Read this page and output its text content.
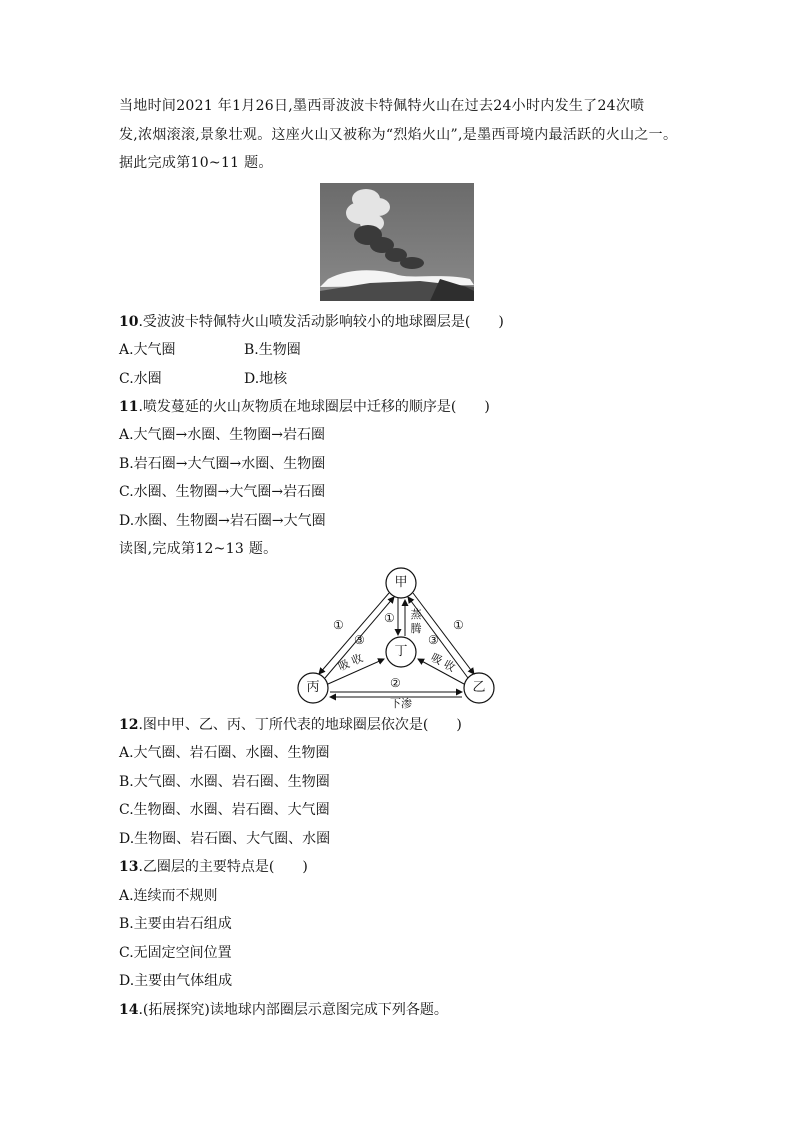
当地时间2021 年1月26日,墨西哥波波卡特佩特火山在过去24小时内发生了24次喷
发,浓烟滚滚,景象壮观。这座火山又被称为“烈焰火山”,是墨西哥境内最活跃的火山之一。
据此完成第10~11 题。
10.受波波卡特佩特火山喷发活动影响较小的地球圈层是(　　)
A.大气圈	B.生物圈
C.水圈	D.地核
11.喷发蔓延的火山灰物质在地球圈层中迁移的顺序是(　　)
A.大气圈→水圈、生物圈→岩石圈
B.岩石圈→大气圈→水圈、生物圈
C.水圈、生物圈→大气圈→岩石圈
D.水圈、生物圈→岩石圈→大气圈
读图,完成第12~13 题。
甲
丙	乙
丁
①	①
①
③	③
②
蒸
腾
吸 收	吸 收
下渗
12.图中甲、乙、丙、丁所代表的地球圈层依次是(　　)
A.大气圈、岩石圈、水圈、生物圈
B.大气圈、水圈、岩石圈、生物圈
C.生物圈、水圈、岩石圈、大气圈
D.生物圈、岩石圈、大气圈、水圈
13.乙圈层的主要特点是(　　)
A.连续而不规则
B.主要由岩石组成
C.无固定空间位置
D.主要由气体组成
14.(拓展探究)读地球内部圈层示意图完成下列各题。
